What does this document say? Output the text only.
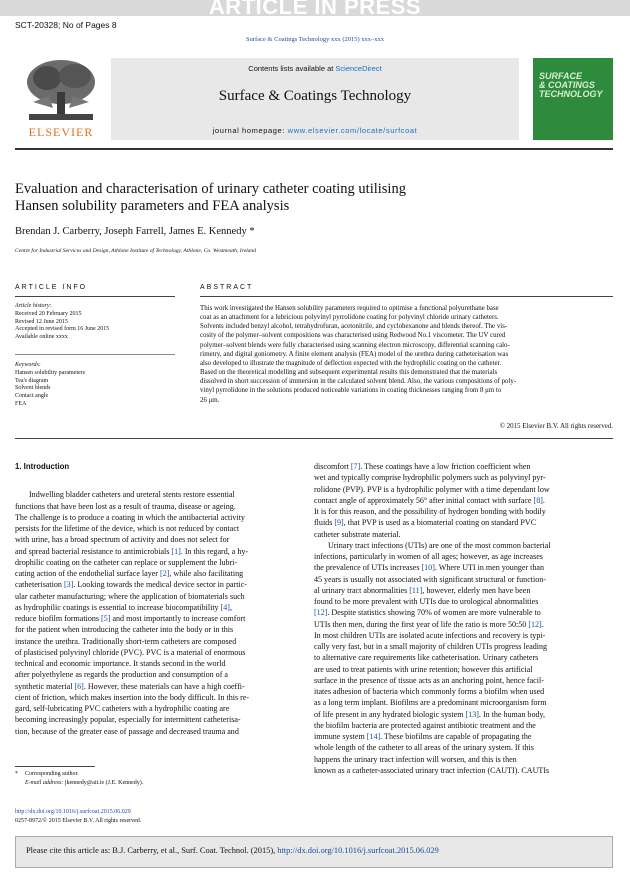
ARTICLE IN PRESS
SCT-20328; No of Pages 8
Surface & Coatings Technology xxx (2015) xxx–xxx
ELSEVIER
Contents lists available at ScienceDirect
Surface & Coatings Technology
journal homepage: www.elsevier.com/locate/surfcoat
SURFACE
& COATINGS
TECHNOLOGY
Evaluation and characterisation of urinary catheter coating utilising
Hansen solubility parameters and FEA analysis
Brendan J. Carberry, Joseph Farrell, James E. Kennedy *
Centre for Industrial Services and Design, Athlone Institute of Technology, Athlone, Co. Westmeath, Ireland
ARTICLE INFO	ABSTRACT
Article history:
Received 20 February 2015
Revised 12 June 2015
Accepted in revised form 16 June 2015
Available online xxxx
Keywords:
Hansen solubility parameters
Tea's diagram
Solvent blends
Contact angle
FEA
This work investigated the Hansen solubility parameters required to optimise a functional polyurethane base
coat as an attachment for a lubricious polyvinyl pyrrolidone coating for polyvinyl chloride urinary catheters.
Solvents included benzyl alcohol, tetrahydrofuran, acetonitrile, and cyclohexanone and blends thereof. The vis-
cosity of the polymer–solvent compositions was characterised using Redwood No.1 viscometer. The UV cured
polymer–solvent blends were fully characterised using scanning electron microscopy, differential scanning calo-
rimetry, and digital goniometry. A finite element analysis (FEA) model of the urethra during catheterisation was
also developed to illustrate the magnitude of deflection expected with the hydrophilic coating on the catheter.
Based on the theoretical modelling and subsequent experimental results this demonstrated that the materials
dissolved in short succession of immersion in the calculated solvent blend. Also, the various compositions of poly-
vinyl pyrrolidone in the solutions produced noticeable variations in coating thicknesses ranging from 8 μm to
26 μm.
© 2015 Elsevier B.V. All rights reserved.
1. Introduction

Indwelling bladder catheters and ureteral stents restore essential

functions that have been lost as a result of trauma, disease or ageing.

The challenge is to produce a coating in which the antibacterial activity

persists for the lifetime of the device, which is not reduced by contact

with urine, has a broad spectrum of activity and does not select for

and spread bacterial resistance to antimicrobials [1]. In this regard, a hy-

drophilic coating on the catheter can replace or supplement the lubri-

cating action of the endothelial surface layer [2], while also facilitating

catheterisation [3]. Looking towards the medical device sector in partic-

ular catheter manufacturing; where the application of biomaterials such

as hydrophilic coatings is essential to increase biocompatibility [4],

reduce biofilm formations [5] and most importantly to increase comfort

for the patient when introducing the catheter into the body or in this

instance the urethra. Traditionally short-term catheters are composed

of plasticised polyvinyl chloride (PVC). PVC is a material of enormous

technical and economic importance. It stands second in the world

after polyethylene as regards the production and consumption of a

synthetic material [6]. However, these materials can have a high coeffi-

cient of friction, which makes insertion into the body difficult. In this re-

gard, self-lubricating PVC catheters with a hydrophilic coating are

becoming increasingly popular, especially for intermittent catheterisa-

tion, because of the greater ease of passage and decreased trauma and

discomfort [7]. These coatings have a low friction coefficient when

wet and typically comprise hydrophilic polymers such as polyvinyl pyr-

rolidone (PVP). PVP is a hydrophilic polymer with a time dependant low

contact angle of approximately 56° after initial contact with surface [8].

It is for this reason, and the possibility of hydrogen bonding with bodily

fluids [9], that PVP is used as a biomaterial coating on standard PVC

catheter substrate material.

Urinary tract infections (UTIs) are one of the most common bacterial

infections, particularly in women of all ages; however, as age increases

the prevalence of UTIs increases [10]. Where UTI in men younger than

45 years is usually not associated with significant structural or function-

al urinary tract abnormalities [11], however, elderly men have been

found to be more prevalent with UTIs due to urological abnormalities

[12]. Despite statistics showing 70% of women are more vulnerable to

UTIs then men, during the first year of life the ratio is more 50:50 [12].

In most children UTIs are isolated acute infections and recovery is typi-

cally very fast, but in a small majority of children UTIs progress leading

to alternative care requirements like catheterisation. Urinary catheters

are used to treat patients with urine retention; however this artificial

surface in the presence of tissue acts as an anchoring point, hence facil-

itates adhesion of bacteria which commonly forms a biofilm when used

as a long term implant. Biofilms are a predominant microorganism form

of life present in any hydrated biologic system [13]. In the human body,

the biofilm bacteria are protected against antibiotic treatment and the

immune system [14]. These biofilms are capable of propagating the

whole length of the catheter to all areas of the urinary system. If this

happens the urinary tract infection will worsen, and this is then

known as a catheter-associated urinary tract infection (CAUTI). CAUTIs

* Corresponding author.
E-mail address: jkennedy@ait.ie (J.E. Kennedy).
http://dx.doi.org/10.1016/j.surfcoat.2015.06.029
0257-8972/© 2015 Elsevier B.V. All rights reserved.
Please cite this article as: B.J. Carberry, et al., Surf. Coat. Technol. (2015), http://dx.doi.org/10.1016/j.surfcoat.2015.06.029
